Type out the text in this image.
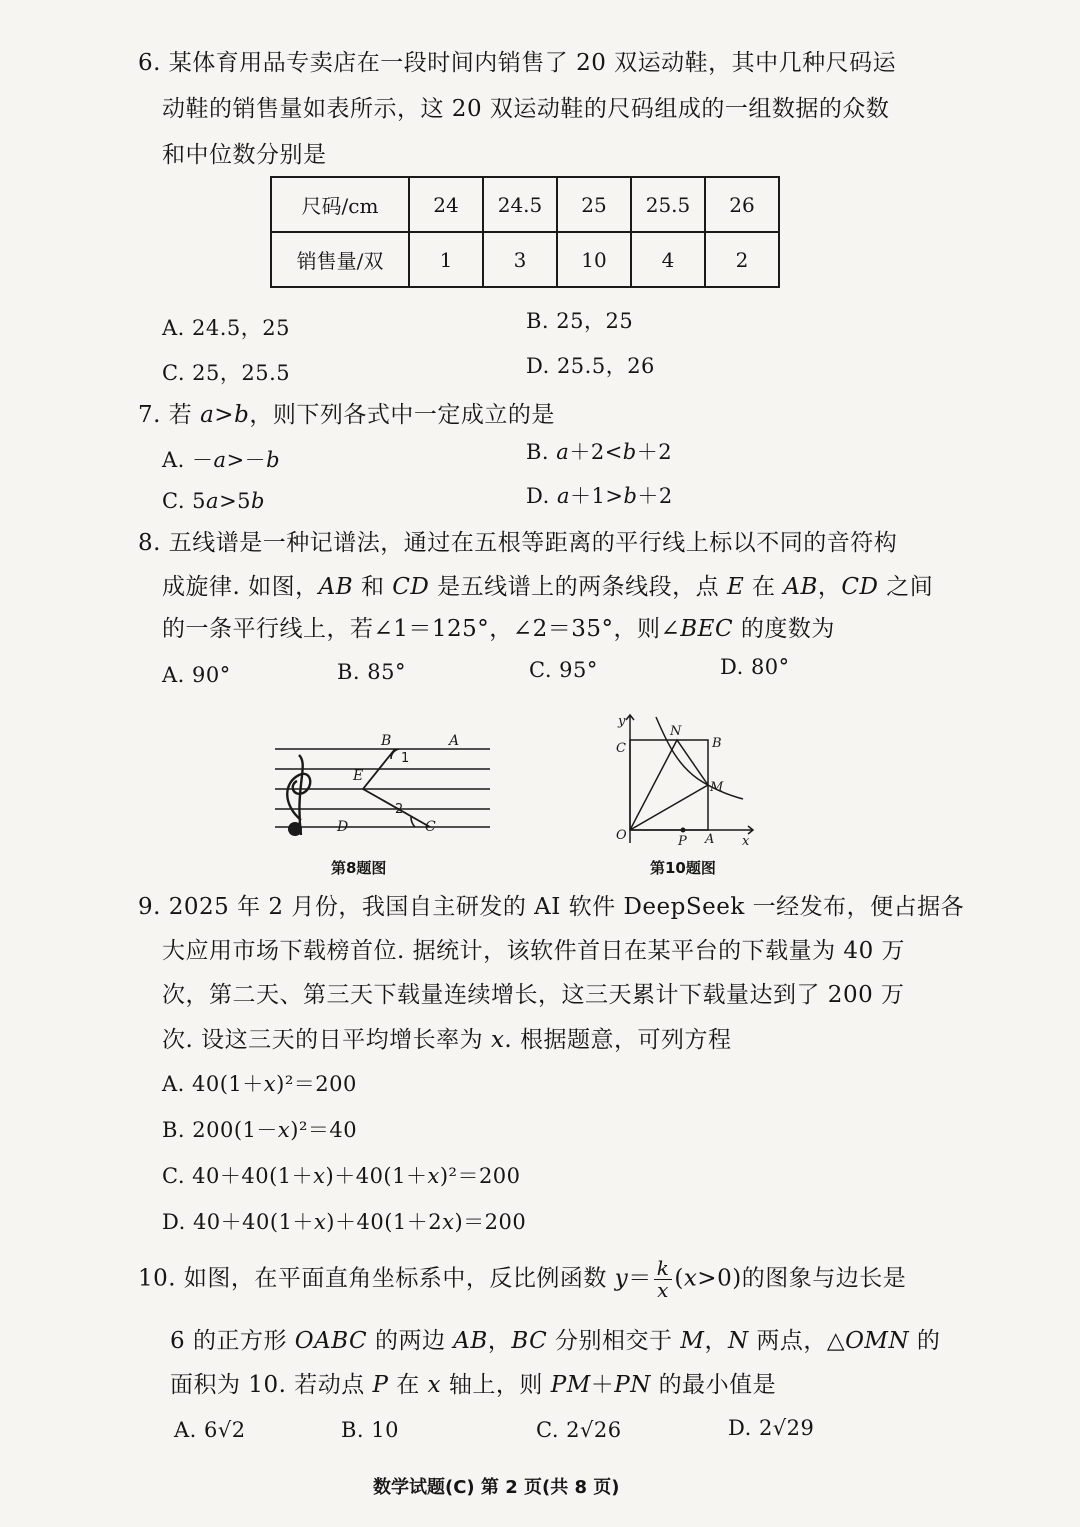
6. 某体育用品专卖店在一段时间内销售了 20 双运动鞋，其中几种尺码运
动鞋的销售量如表所示，这 20 双运动鞋的尺码组成的一组数据的众数
和中位数分别是
尺码/cm	24	24.5	25	25.5	26
销售量/双	1	3	10	4	2
A. 24.5，25	B. 25，25
C. 25，25.5	D. 25.5，26
7. 若 a>b，则下列各式中一定成立的是
A. －a>－b	B. a＋2<b＋2
C. 5a>5b	D. a＋1>b＋2
8. 五线谱是一种记谱法，通过在五根等距离的平行线上标以不同的音符构
成旋律. 如图，AB 和 CD 是五线谱上的两条线段，点 E 在 AB，CD 之间
的一条平行线上，若∠1＝125°，∠2＝35°，则∠BEC 的度数为
A. 90°	B. 85°	C. 95°	D. 80°
B	A
E
D	C
1
2
第8题图
y
x
O	A
B
C
M
N
P
第10题图
9. 2025 年 2 月份，我国自主研发的 AI 软件 DeepSeek 一经发布，便占据各
大应用市场下载榜首位. 据统计，该软件首日在某平台的下载量为 40 万
次，第二天、第三天下载量连续增长，这三天累计下载量达到了 200 万
次. 设这三天的日平均增长率为 x. 根据题意，可列方程
A. 40(1＋x)²＝200
B. 200(1－x)²＝40
C. 40＋40(1＋x)＋40(1＋x)²＝200
D. 40＋40(1＋x)＋40(1＋2x)＝200
10. 如图，在平面直角坐标系中，反比例函数 $y= \frac{k}{x} (x>0)$的图象与边长是
6 的正方形 OABC 的两边 AB，BC 分别相交于 M，N 两点，△OMN 的
面积为 10. 若动点 P 在 x 轴上，则 PM＋PN 的最小值是
A. 6√2	B. 10	C. 2√26	D. 2√29
数学试题(C) 第 2 页(共 8 页)
